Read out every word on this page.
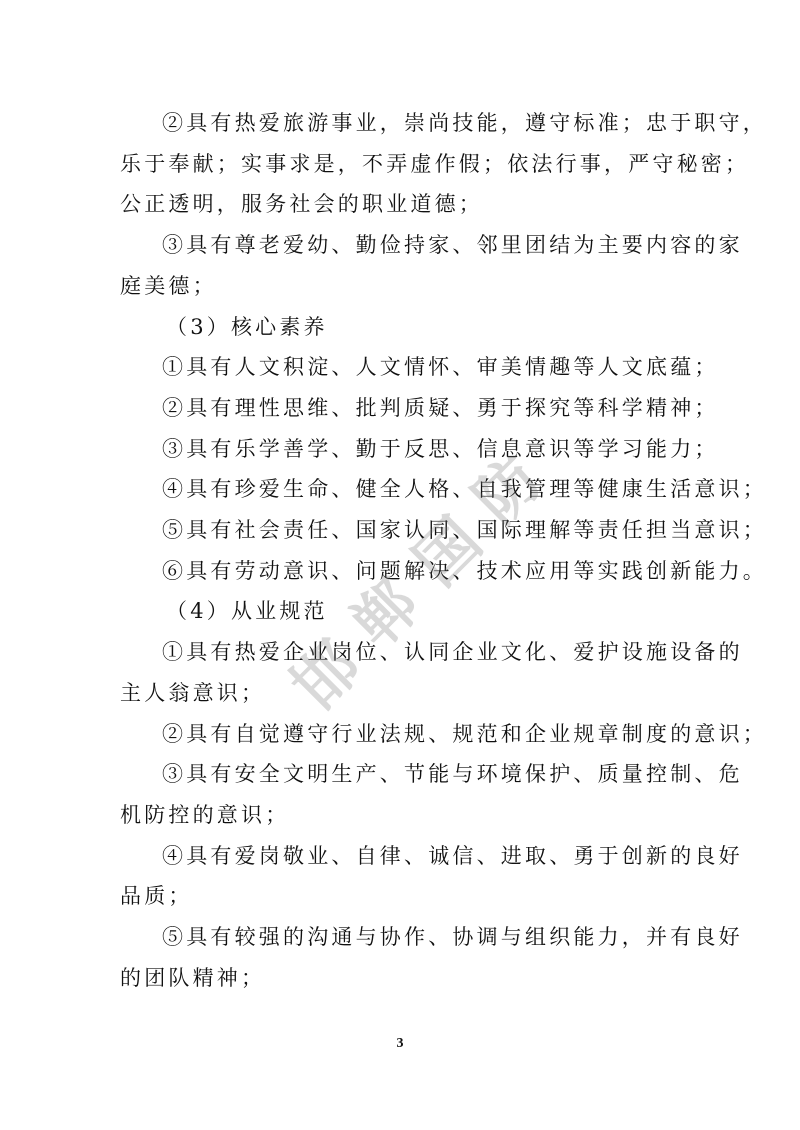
②具有热爱旅游事业，崇尚技能，遵守标准；忠于职守，
乐于奉献；实事求是，不弄虚作假；依法行事，严守秘密；
公正透明，服务社会的职业道德；
③具有尊老爱幼、勤俭持家、邻里团结为主要内容的家
庭美德；
（3）核心素养
①具有人文积淀、人文情怀、审美情趣等人文底蕴；
②具有理性思维、批判质疑、勇于探究等科学精神；
③具有乐学善学、勤于反思、信息意识等学习能力；
④具有珍爱生命、健全人格、自我管理等健康生活意识；
⑤具有社会责任、国家认同、国际理解等责任担当意识；
⑥具有劳动意识、问题解决、技术应用等实践创新能力。
（4）从业规范
①具有热爱企业岗位、认同企业文化、爱护设施设备的
主人翁意识；
②具有自觉遵守行业法规、规范和企业规章制度的意识；
③具有安全文明生产、节能与环境保护、质量控制、危
机防控的意识；
④具有爱岗敬业、自律、诚信、进取、勇于创新的良好
品质；
⑤具有较强的沟通与协作、协调与组织能力，并有良好
的团队精神；
邯
郸
国
防
3
